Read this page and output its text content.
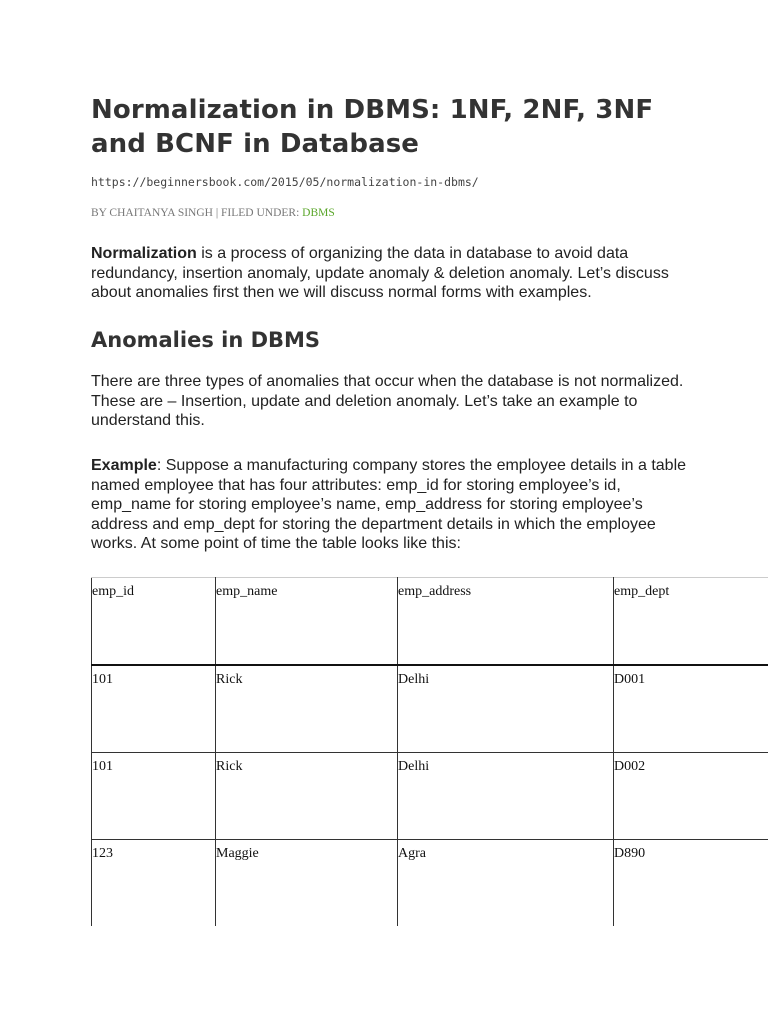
Normalization in DBMS: 1NF, 2NF, 3NF and BCNF in Database
https://beginnersbook.com/2015/05/normalization-in-dbms/
BY CHAITANYA SINGH | FILED UNDER: DBMS

Normalization is a process of organizing the data in database to avoid data redundancy, insertion anomaly, update anomaly & deletion anomaly. Let’s discuss about anomalies first then we will discuss normal forms with examples.

Anomalies in DBMS

There are three types of anomalies that occur when the database is not normalized. These are – Insertion, update and deletion anomaly. Let’s take an example to understand this.

Example: Suppose a manufacturing company stores the employee details in a table named employee that has four attributes: emp_id for storing employee’s id, emp_name for storing employee’s name, emp_address for storing employee’s address and emp_dept for storing the department details in which the employee works. At some point of time the table looks like this:

emp_id	emp_name	emp_address	emp_dept
101	Rick	Delhi	D001
101	Rick	Delhi	D002
123	Maggie	Agra	D890
